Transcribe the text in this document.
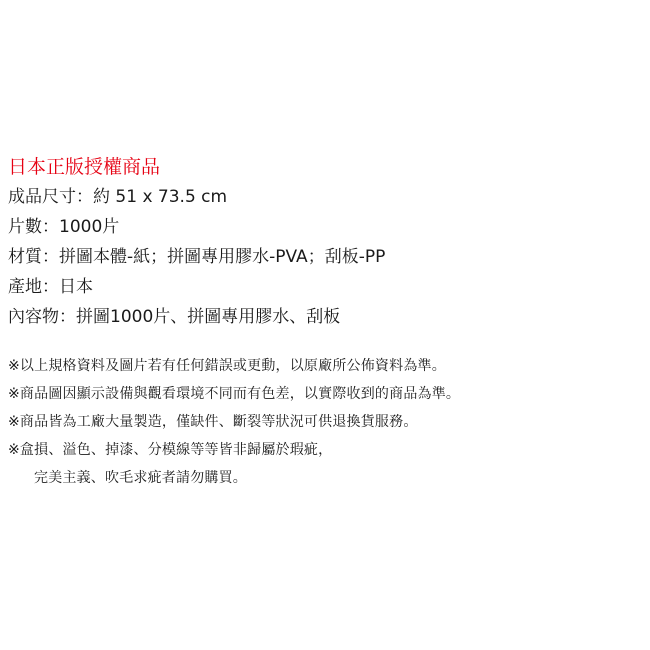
日本正版授權商品
成品尺寸：約 51 x 73.5 cm
片數：1000片
材質：拼圖本體-紙；拼圖專用膠水-PVA；刮板-PP
產地：日本
內容物：拼圖1000片、拼圖專用膠水、刮板
※以上規格資料及圖片若有任何錯誤或更動，以原廠所公佈資料為準。
※商品圖因顯示設備與觀看環境不同而有色差，以實際收到的商品為準。
※商品皆為工廠大量製造，僅缺件、斷裂等狀況可供退換貨服務。
※盒損、溢色、掉漆、分模線等等皆非歸屬於瑕疵，
完美主義、吹毛求疵者請勿購買。
